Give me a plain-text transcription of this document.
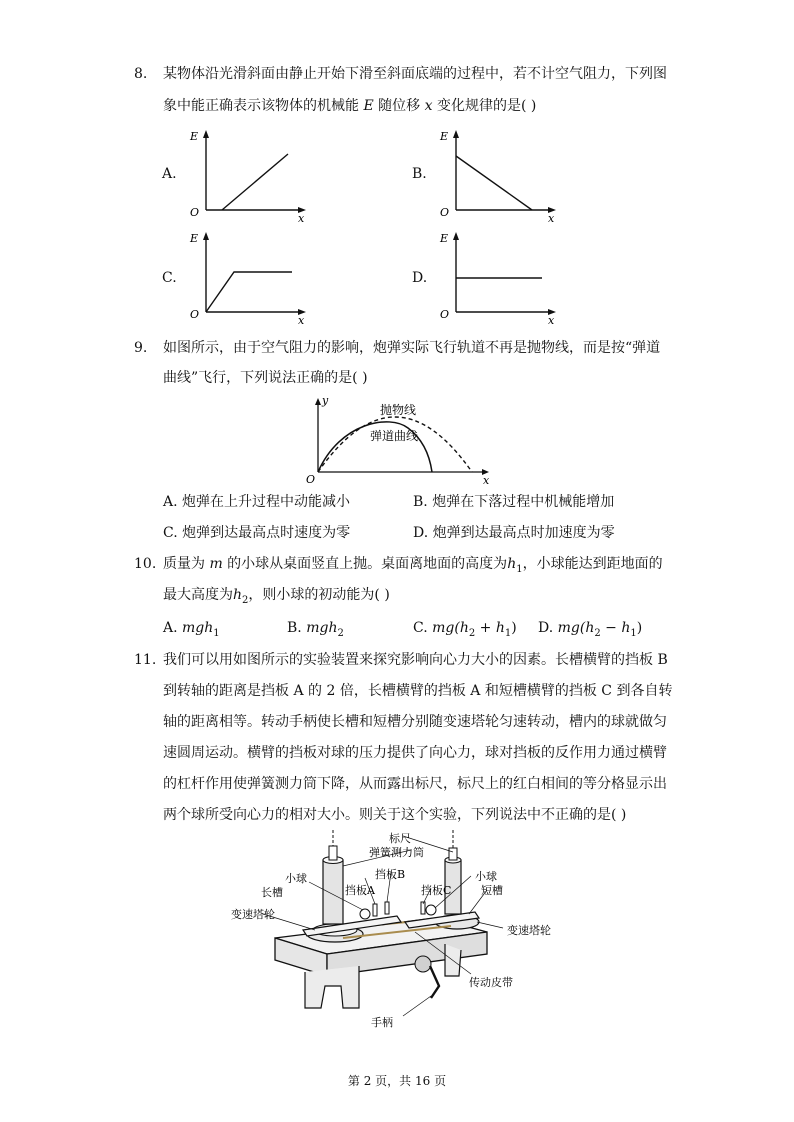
8. 某物体沿光滑斜面由静止开始下滑至斜面底端的过程中，若不计空气阻力，下列图
象中能正确表示该物体的机械能 E 随位移 x 变化规律的是( )
A.	B.
C.	D.
E
x
O
E
x
O
E
x
O
E
x
O
9. 如图所示，由于空气阻力的影响，炮弹实际飞行轨道不再是抛物线，而是按“弹道
曲线”飞行，下列说法正确的是( )
y
x
O
抛物线
弹道曲线
A. 炮弹在上升过程中动能减小	B. 炮弹在下落过程中机械能增加
C. 炮弹到达最高点时速度为零	D. 炮弹到达最高点时加速度为零
10. 质量为 m 的小球从桌面竖直上抛。桌面离地面的高度为$h_1$，小球能达到距地面的
最大高度为$h_2$，则小球的初动能为( )
A. mgh$_1$	B. mgh$_2$	C. $mg(h_2 + h_1)$ D. $mg(h_2 - h_1)$
11. 我们可以用如图所示的实验装置来探究影响向心力大小的因素。长槽横臂的挡板 B
到转轴的距离是挡板 A 的 2 倍，长槽横臂的挡板 A 和短槽横臂的挡板 C 到各自转
轴的距离相等。转动手柄使长槽和短槽分别随变速塔轮匀速转动，槽内的球就做匀
速圆周运动。横臂的挡板对球的压力提供了向心力，球对挡板的反作用力通过横臂
的杠杆作用使弹簧测力筒下降，从而露出标尺，标尺上的红白相间的等分格显示出
两个球所受向心力的相对大小。则关于这个实验，下列说法中不正确的是( )
标尺
弹簧测力筒
小球
长槽	挡板A
挡板B
挡板C
小球
短槽
变速塔轮
变速塔轮
传动皮带
手柄
第 2 页，共 16 页
